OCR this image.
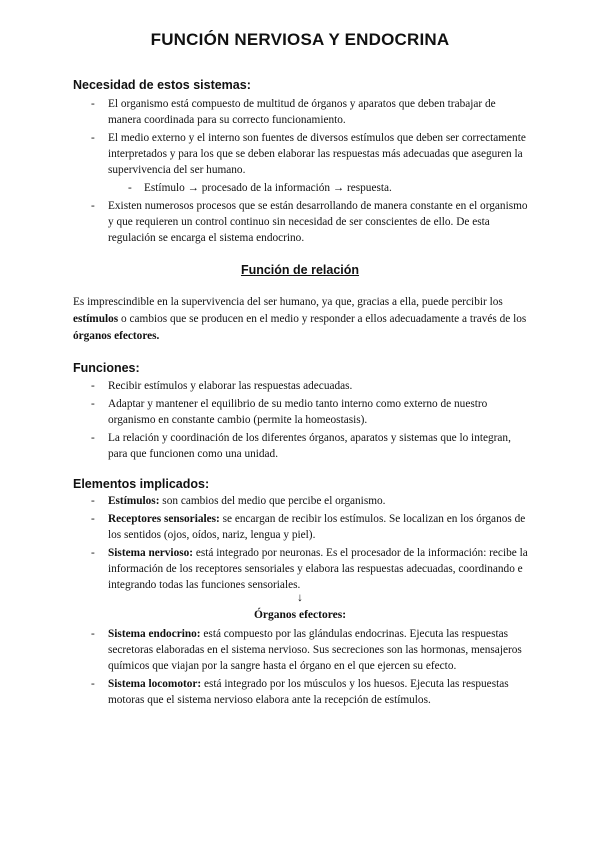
FUNCIÓN NERVIOSA Y ENDOCRINA
Necesidad de estos sistemas:
- El organismo está compuesto de multitud de órganos y aparatos que deben trabajar de manera coordinada para su correcto funcionamiento.
- El medio externo y el interno son fuentes de diversos estímulos que deben ser correctamente interpretados y para los que se deben elaborar las respuestas más adecuadas que aseguren la supervivencia del ser humano.
- Estímulo → procesado de la información → respuesta.
- Existen numerosos procesos que se están desarrollando de manera constante en el organismo y que requieren un control continuo sin necesidad de ser conscientes de ello. De esta regulación se encarga el sistema endocrino.
Función de relación
Es imprescindible en la supervivencia del ser humano, ya que, gracias a ella, puede percibir los estímulos o cambios que se producen en el medio y responder a ellos adecuadamente a través de los órganos efectores.
Funciones:
- Recibir estímulos y elaborar las respuestas adecuadas.
- Adaptar y mantener el equilibrio de su medio tanto interno como externo de nuestro organismo en constante cambio (permite la homeostasis).
- La relación y coordinación de los diferentes órganos, aparatos y sistemas que lo integran, para que funcionen como una unidad.
Elementos implicados:
- Estímulos: son cambios del medio que percibe el organismo.
- Receptores sensoriales: se encargan de recibir los estímulos. Se localizan en los órganos de los sentidos (ojos, oídos, nariz, lengua y piel).
- Sistema nervioso: está integrado por neuronas. Es el procesador de la información: recibe la información de los receptores sensoriales y elabora las respuestas adecuadas, coordinando e integrando todas las funciones sensoriales.
↓
Órganos efectores:
- Sistema endocrino: está compuesto por las glándulas endocrinas. Ejecuta las respuestas secretoras elaboradas en el sistema nervioso. Sus secreciones son las hormonas, mensajeros químicos que viajan por la sangre hasta el órgano en el que ejercen su efecto.
- Sistema locomotor: está integrado por los músculos y los huesos. Ejecuta las respuestas motoras que el sistema nervioso elabora ante la recepción de estímulos.
